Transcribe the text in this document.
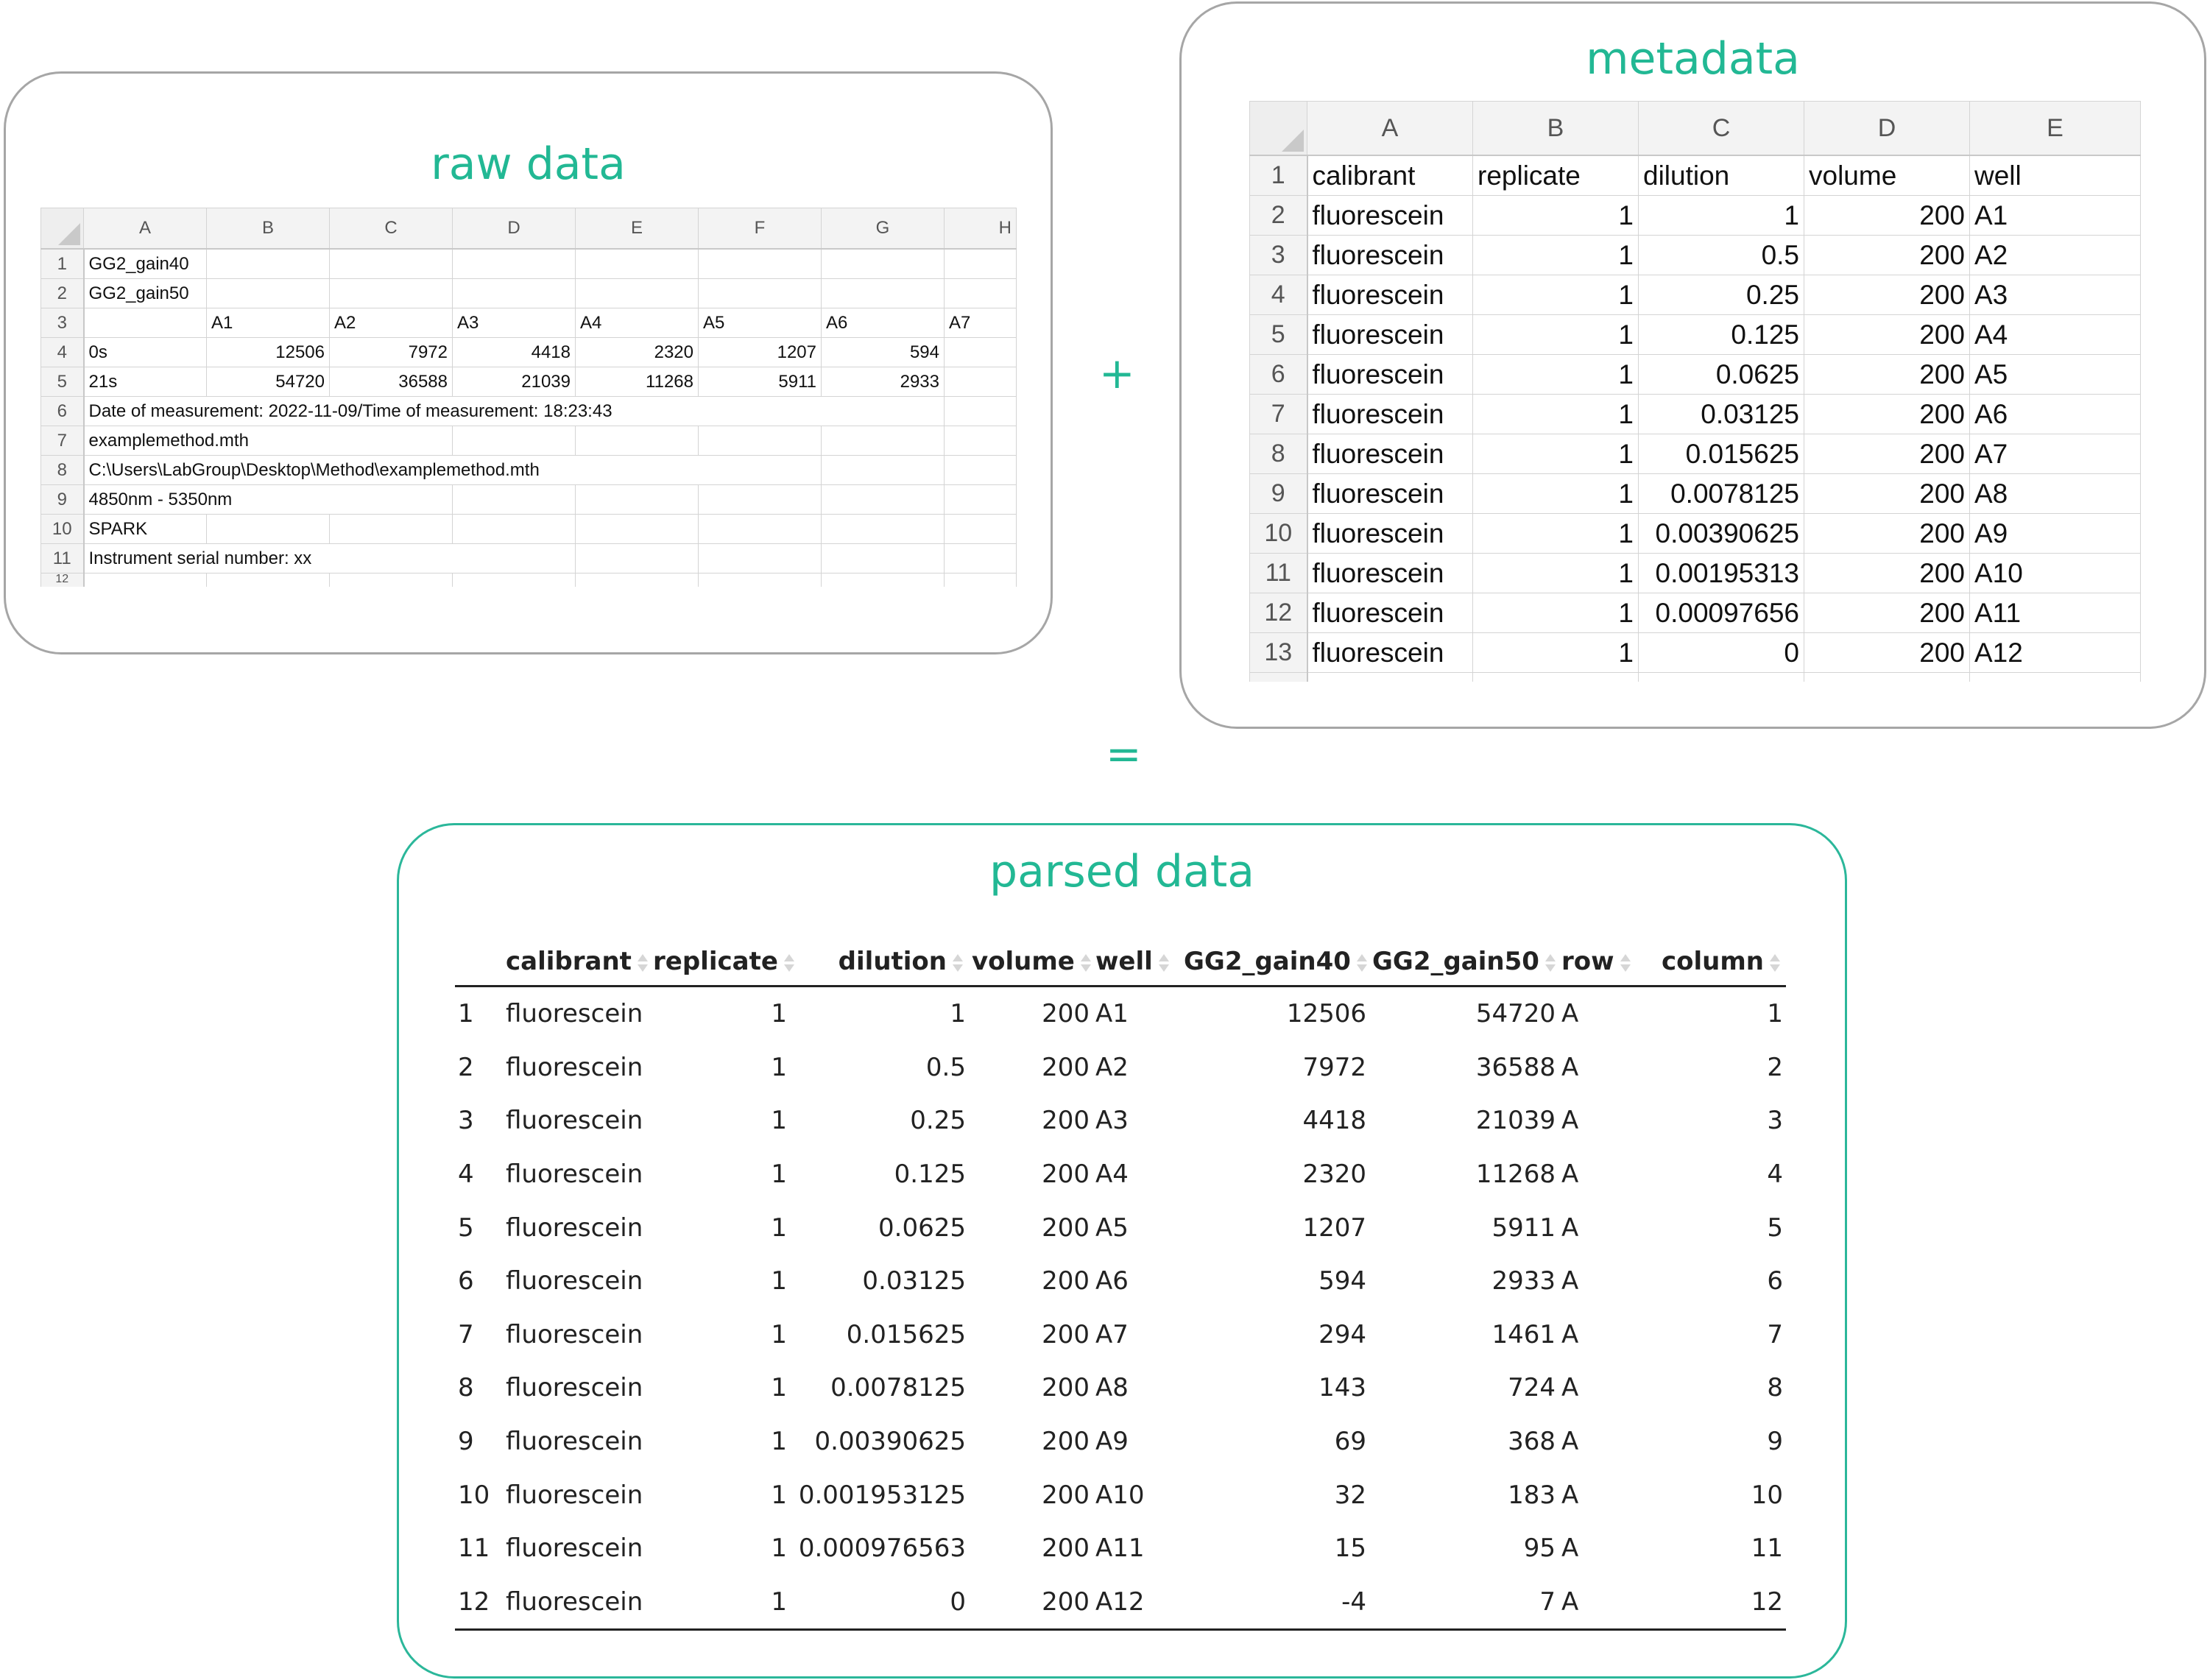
raw data
	A	B	C	D	E	F	G	H
1	GG2_gain40							
2	GG2_gain50							
3		A1	A2	A3	A4	A5	A6	A7
4	0s	12506	7972	4418	2320	1207	594	
5	21s	54720	36588	21039	11268	5911	2933	
6	Date of measurement: 2022-11-09/Time of measurement: 18:23:43							
7	examplemethod.mth							
8	C:\Users\LabGroup\Desktop\Method\examplemethod.mth							
9	4850nm - 5350nm							
10	SPARK							
11	Instrument serial number: xx							
12								
+
=
metadata
	A	B	C	D	E
1	calibrant	replicate	dilution	volume	well
2	fluorescein	1	1	200	A1
3	fluorescein	1	0.5	200	A2
4	fluorescein	1	0.25	200	A3
5	fluorescein	1	0.125	200	A4
6	fluorescein	1	0.0625	200	A5
7	fluorescein	1	0.03125	200	A6
8	fluorescein	1	0.015625	200	A7
9	fluorescein	1	0.0078125	200	A8
10	fluorescein	1	0.00390625	200	A9
11	fluorescein	1	0.00195313	200	A10
12	fluorescein	1	0.00097656	200	A11
13	fluorescein	1	0	200	A12

parsed data
	calibrant	replicate	dilution	volume	well	GG2_gain40	GG2_gain50	row	column
1	fluorescein	1	1	200	A1	12506	54720	A	1
2	fluorescein	1	0.5	200	A2	7972	36588	A	2
3	fluorescein	1	0.25	200	A3	4418	21039	A	3
4	fluorescein	1	0.125	200	A4	2320	11268	A	4
5	fluorescein	1	0.0625	200	A5	1207	5911	A	5
6	fluorescein	1	0.03125	200	A6	594	2933	A	6
7	fluorescein	1	0.015625	200	A7	294	1461	A	7
8	fluorescein	1	0.0078125	200	A8	143	724	A	8
9	fluorescein	1	0.00390625	200	A9	69	368	A	9
10	fluorescein	1	0.001953125	200	A10	32	183	A	10
11	fluorescein	1	0.000976563	200	A11	15	95	A	11
12	fluorescein	1	0	200	A12	-4	7	A	12
